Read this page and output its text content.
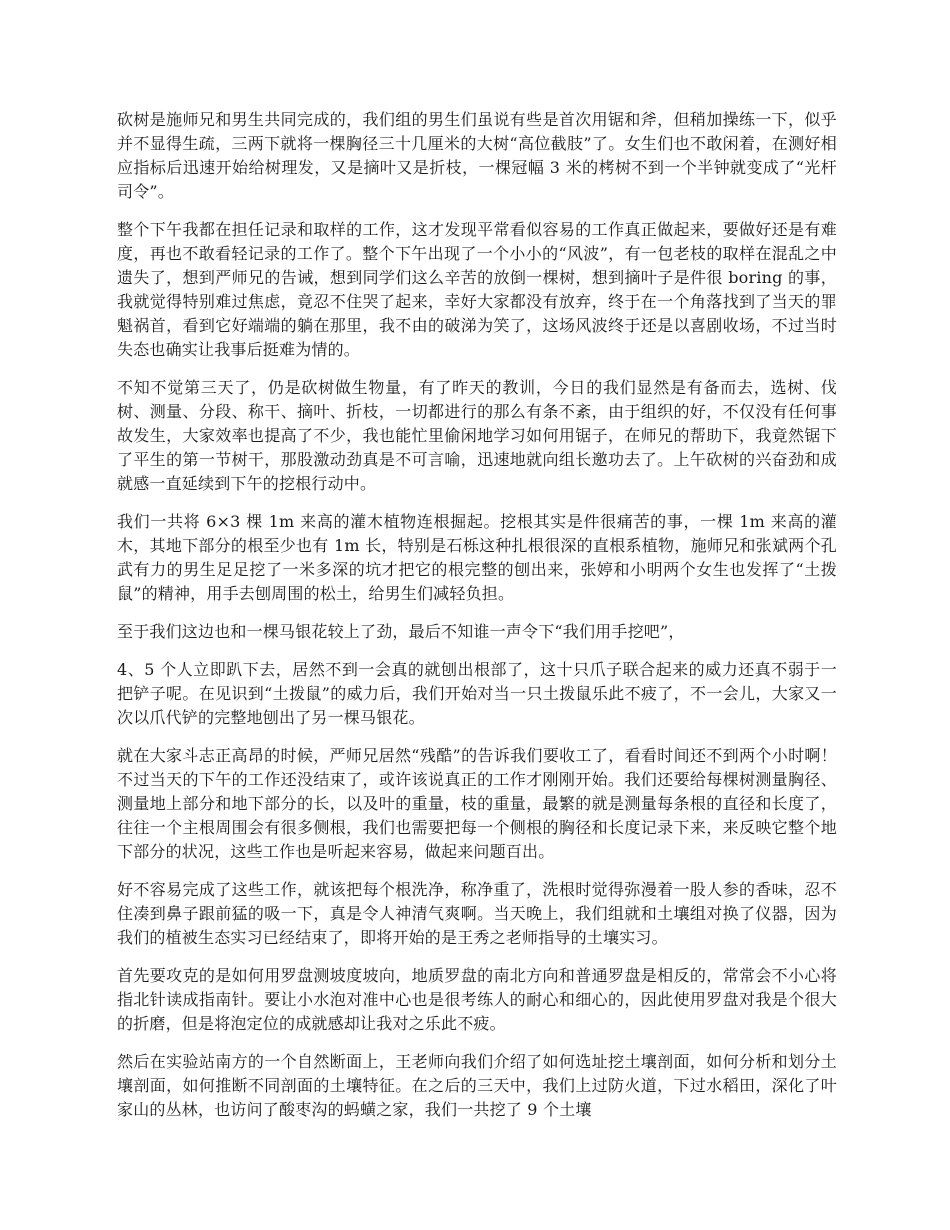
砍树是施师兄和男生共同完成的，我们组的男生们虽说有些是首次用锯和斧，但稍加操练一下，似乎并不显得生疏，三两下就将一棵胸径三十几厘米的大树“高位截肢”了。女生们也不敢闲着，在测好相应指标后迅速开始给树理发，又是摘叶又是折枝，一棵冠幅 3 米的栲树不到一个半钟就变成了“光杆司令”。

整个下午我都在担任记录和取样的工作，这才发现平常看似容易的工作真正做起来，要做好还是有难度，再也不敢看轻记录的工作了。整个下午出现了一个小小的“风波”，有一包老枝的取样在混乱之中遗失了，想到严师兄的告诫，想到同学们这么辛苦的放倒一棵树，想到摘叶子是件很 boring 的事，我就觉得特别难过焦虑，竟忍不住哭了起来，幸好大家都没有放弃，终于在一个角落找到了当天的罪魁祸首，看到它好端端的躺在那里，我不由的破涕为笑了，这场风波终于还是以喜剧收场，不过当时失态也确实让我事后挺难为情的。

不知不觉第三天了，仍是砍树做生物量，有了昨天的教训，今日的我们显然是有备而去，选树、伐树、测量、分段、称干、摘叶、折枝，一切都进行的那么有条不紊，由于组织的好，不仅没有任何事故发生，大家效率也提高了不少，我也能忙里偷闲地学习如何用锯子，在师兄的帮助下，我竟然锯下了平生的第一节树干，那股激动劲真是不可言喻，迅速地就向组长邀功去了。上午砍树的兴奋劲和成就感一直延续到下午的挖根行动中。

我们一共将 6×3 棵 1m 来高的灌木植物连根掘起。挖根其实是件很痛苦的事，一棵 1m 来高的灌木，其地下部分的根至少也有 1m 长，特别是石栎这种扎根很深的直根系植物，施师兄和张斌两个孔武有力的男生足足挖了一米多深的坑才把它的根完整的刨出来，张婷和小明两个女生也发挥了“土拨鼠”的精神，用手去刨周围的松土，给男生们减轻负担。

至于我们这边也和一棵马银花较上了劲，最后不知谁一声令下“我们用手挖吧”，

4、5 个人立即趴下去，居然不到一会真的就刨出根部了，这十只爪子联合起来的威力还真不弱于一把铲子呢。在见识到“土拨鼠”的威力后，我们开始对当一只土拨鼠乐此不疲了，不一会儿，大家又一次以爪代铲的完整地刨出了另一棵马银花。

就在大家斗志正高昂的时候，严师兄居然“残酷”的告诉我们要收工了，看看时间还不到两个小时啊！不过当天的下午的工作还没结束了，或许该说真正的工作才刚刚开始。我们还要给每棵树测量胸径、测量地上部分和地下部分的长，以及叶的重量，枝的重量，最繁的就是测量每条根的直径和长度了，往往一个主根周围会有很多侧根，我们也需要把每一个侧根的胸径和长度记录下来，来反映它整个地下部分的状况，这些工作也是听起来容易，做起来问题百出。

好不容易完成了这些工作，就该把每个根洗净，称净重了，洗根时觉得弥漫着一股人参的香味，忍不住凑到鼻子跟前猛的吸一下，真是令人神清气爽啊。当天晚上，我们组就和土壤组对换了仪器，因为我们的植被生态实习已经结束了，即将开始的是王秀之老师指导的土壤实习。

首先要攻克的是如何用罗盘测坡度坡向，地质罗盘的南北方向和普通罗盘是相反的，常常会不小心将指北针读成指南针。要让小水泡对准中心也是很考练人的耐心和细心的，因此使用罗盘对我是个很大的折磨，但是将泡定位的成就感却让我对之乐此不疲。

然后在实验站南方的一个自然断面上，王老师向我们介绍了如何选址挖土壤剖面，如何分析和划分土壤剖面，如何推断不同剖面的土壤特征。在之后的三天中，我们上过防火道，下过水稻田，深化了叶家山的丛林，也访问了酸枣沟的蚂蟥之家，我们一共挖了 9 个土壤
